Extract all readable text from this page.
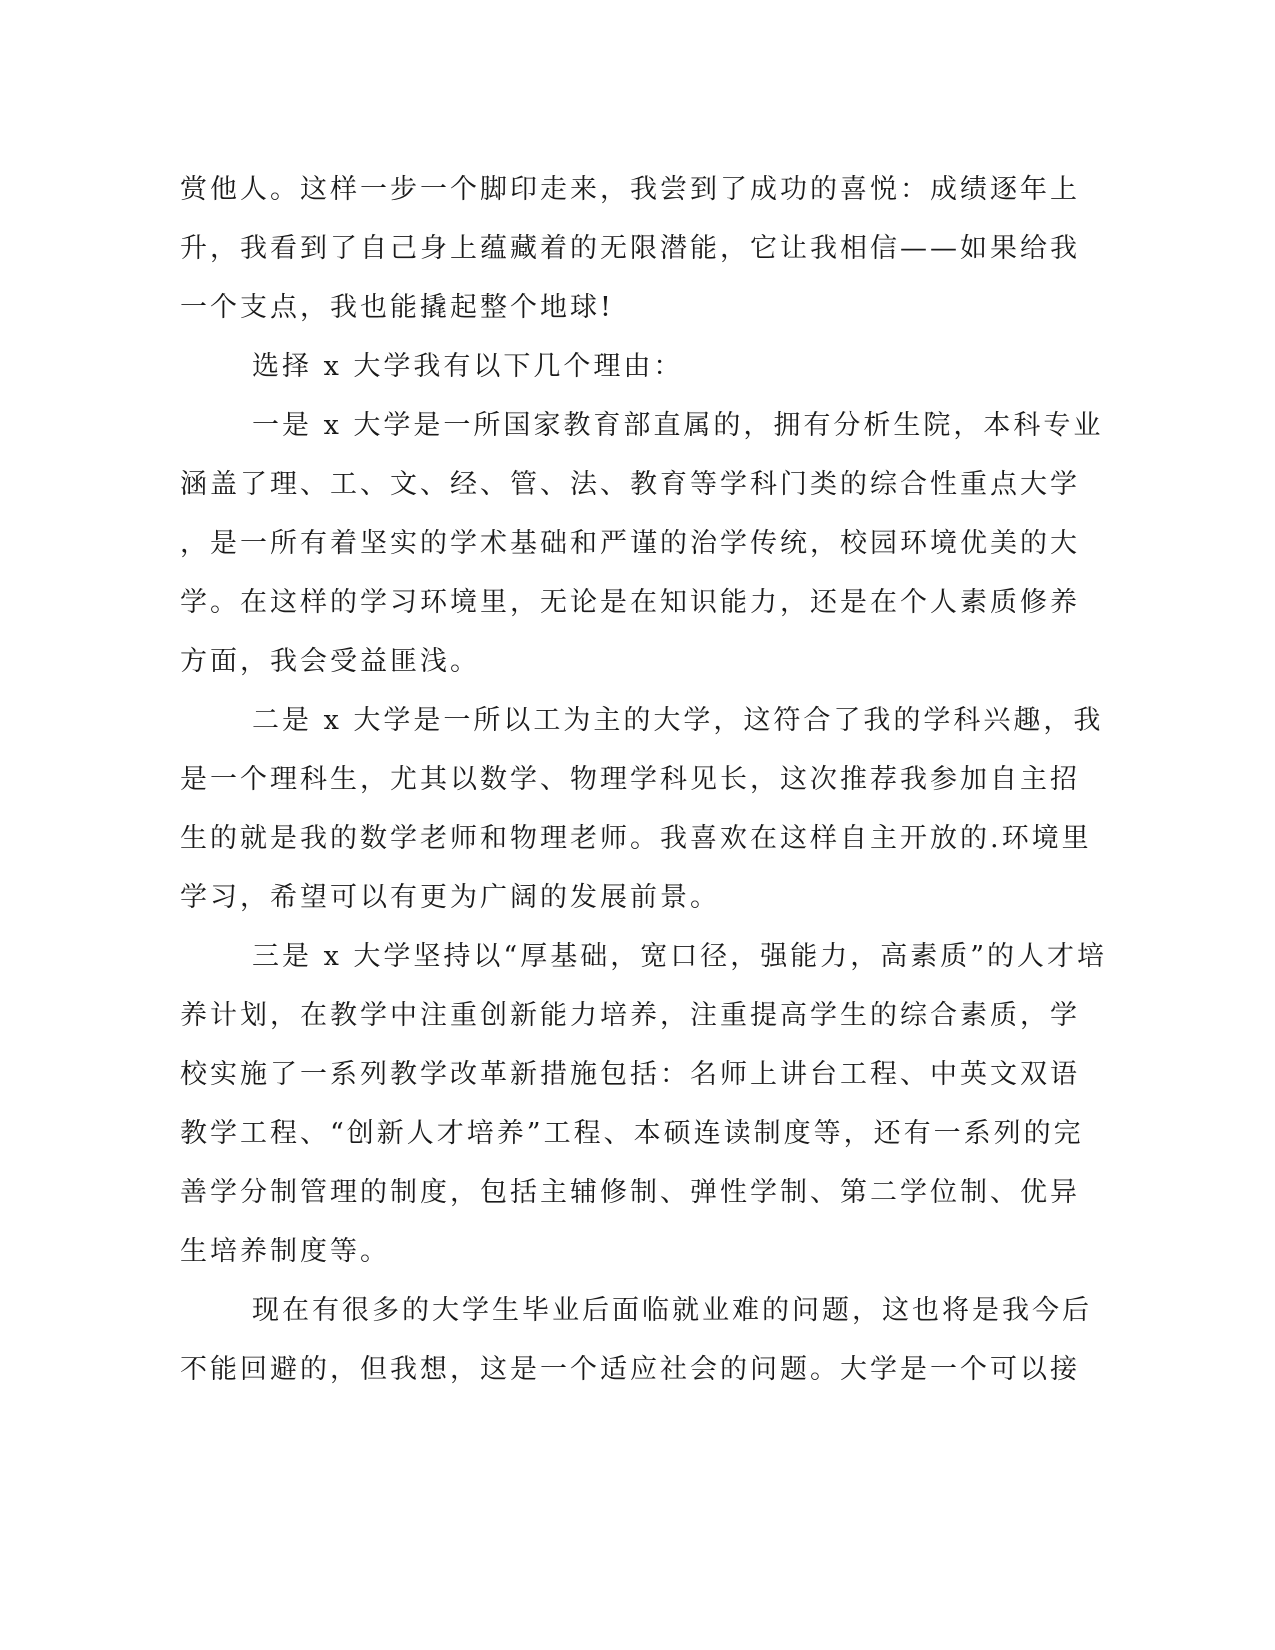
赏他人。这样一步一个脚印走来，我尝到了成功的喜悦：成绩逐年上
升，我看到了自己身上蕴藏着的无限潜能，它让我相信——如果给我
一个支点，我也能撬起整个地球!
选择 x 大学我有以下几个理由：
一是 x 大学是一所国家教育部直属的，拥有分析生院，本科专业
涵盖了理、工、文、经、管、法、教育等学科门类的综合性重点大学
，是一所有着坚实的学术基础和严谨的治学传统，校园环境优美的大
学。在这样的学习环境里，无论是在知识能力，还是在个人素质修养
方面，我会受益匪浅。
二是 x 大学是一所以工为主的大学，这符合了我的学科兴趣，我
是一个理科生，尤其以数学、物理学科见长，这次推荐我参加自主招
生的就是我的数学老师和物理老师。我喜欢在这样自主开放的.环境里
学习，希望可以有更为广阔的发展前景。
三是 x 大学坚持以“厚基础，宽口径，强能力，高素质”的人才培
养计划，在教学中注重创新能力培养，注重提高学生的综合素质，学
校实施了一系列教学改革新措施包括：名师上讲台工程、中英文双语
教学工程、“创新人才培养”工程、本硕连读制度等，还有一系列的完
善学分制管理的制度，包括主辅修制、弹性学制、第二学位制、优异
生培养制度等。
现在有很多的大学生毕业后面临就业难的问题，这也将是我今后
不能回避的，但我想，这是一个适应社会的问题。大学是一个可以接
